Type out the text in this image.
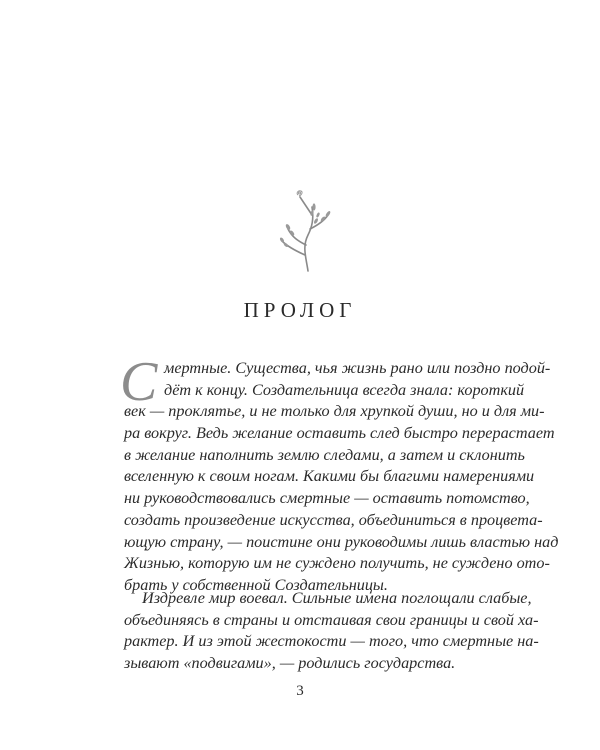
ПРОЛОГ
С мертные. Существа, чья жизнь рано или поздно подой-
дёт к концу. Создательница всегда знала: короткий
век — проклятье, и не только для хрупкой души, но и для ми-
ра вокруг. Ведь желание оставить след быстро перерастает
в желание наполнить землю следами, а затем и склонить
вселенную к своим ногам. Какими бы благими намерениями
ни руководствовались смертные — оставить потомство,
создать произведение искусства, объединиться в процвета-
ющую страну, — поистине они руководимы лишь властью над
Жизнью, которую им не суждено получить, не суждено отo-
брать у собственной Создательницы.
Издревле мир воевал. Сильные имена поглощали слабые,
объединяясь в страны и отстаивая свои границы и свой ха-
рактер. И из этой жестокости — того, что смертные на-
зывают «подвигами», — родились государства.
3
